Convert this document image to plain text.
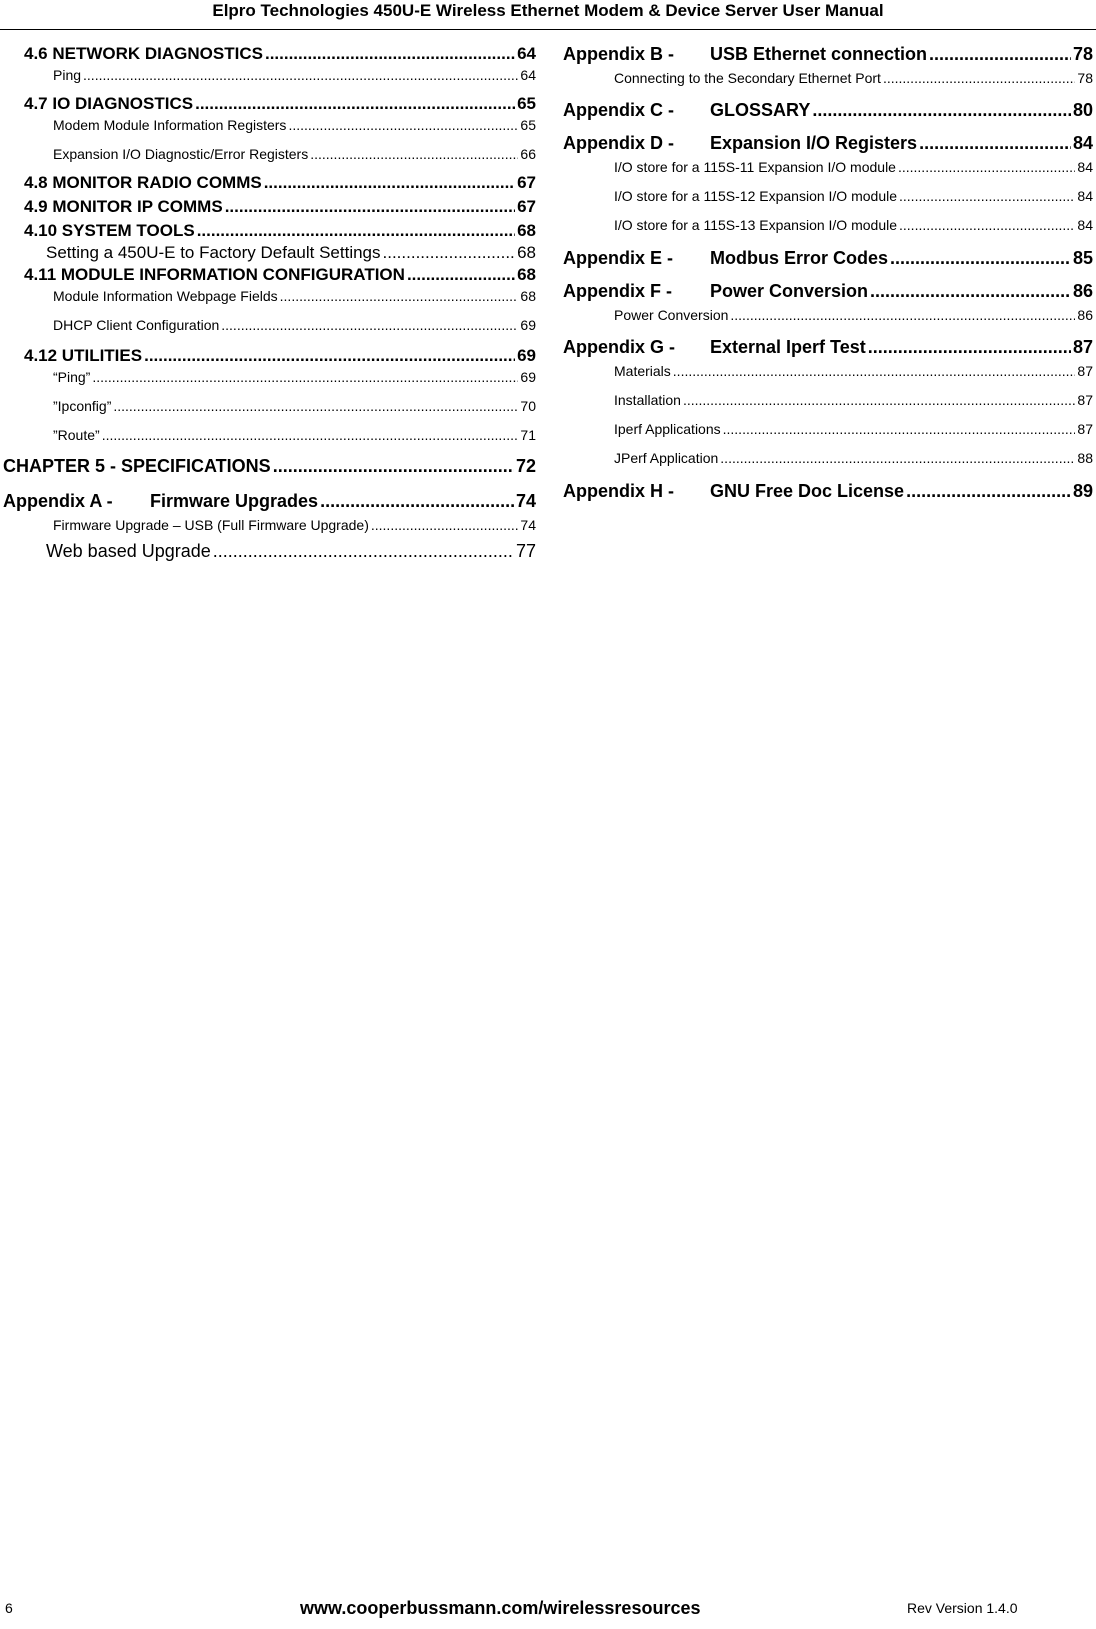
Elpro Technologies 450U-E Wireless Ethernet Modem & Device Server User Manual
4.6 NETWORK DIAGNOSTICS .....	64
Ping .....	64
4.7 IO DIAGNOSTICS .....	65
Modem Module Information Registers .....	65
Expansion I/O Diagnostic/Error Registers .....	66
4.8 MONITOR RADIO COMMS .....	67
4.9 MONITOR IP COMMS .....	67
4.10 SYSTEM TOOLS .....	68
Setting a 450U-E to Factory Default Settings .....	68
4.11 MODULE INFORMATION CONFIGURATION .....	68
Module Information Webpage Fields .....	68
DHCP Client Configuration .....	69
4.12 UTILITIES .....	69
“Ping” .....	69
”Ipconfig” .....	70
”Route” .....	71
CHAPTER 5 - SPECIFICATIONS .....	72
Appendix A - Firmware Upgrades .....	74
Firmware Upgrade – USB (Full Firmware Upgrade) .....	74
Web based Upgrade .....	77
Appendix B - USB Ethernet connection .....	78
Connecting to the Secondary Ethernet Port .....	78
Appendix C - GLOSSARY .....	80
Appendix D - Expansion I/O Registers .....	84
I/O store for a 115S-11 Expansion I/O module .....	84
I/O store for a 115S-12 Expansion I/O module .....	84
I/O store for a 115S-13 Expansion I/O module .....	84
Appendix E - Modbus Error Codes .....	85
Appendix F - Power Conversion .....	86
Power Conversion .....	86
Appendix G - External Iperf Test .....	87
Materials .....	87
Installation .....	87
Iperf Applications .....	87
JPerf Application .....	88
Appendix H - GNU Free Doc License .....	89
6	www.cooperbussmann.com/wirelessresources	Rev Version 1.4.0
